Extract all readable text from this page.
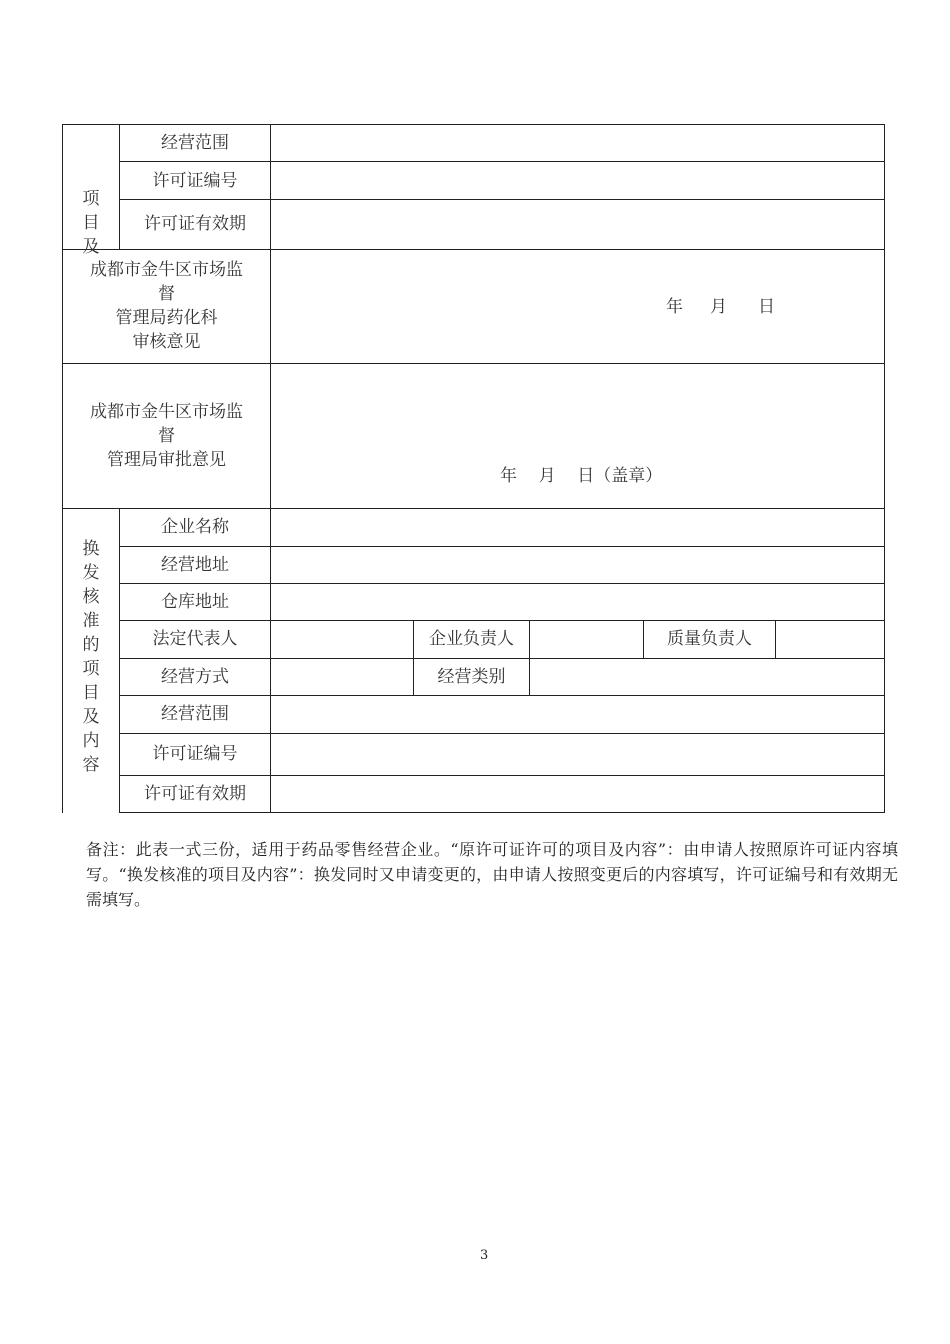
项目及
经营范围
许可证编号
许可证有效期
成都市金牛区市场监
督
管理局药化科
审核意见
年 月 日
成都市金牛区市场监
督
管理局审批意见
年    月    日（盖章）
换发核准的项目及内容
企业名称
经营地址
仓库地址
法定代表人	企业负责人	质量负责人
经营方式	经营类别
经营范围
许可证编号
许可证有效期
备注：此表一式三份，适用于药品零售经营企业。“原许可证许可的项目及内容”：由申请人按照原许可证内容填写。“换发核准的项目及内容”：换发同时又申请变更的，由申请人按照变更后的内容填写，许可证编号和有效期无需填写。
3
